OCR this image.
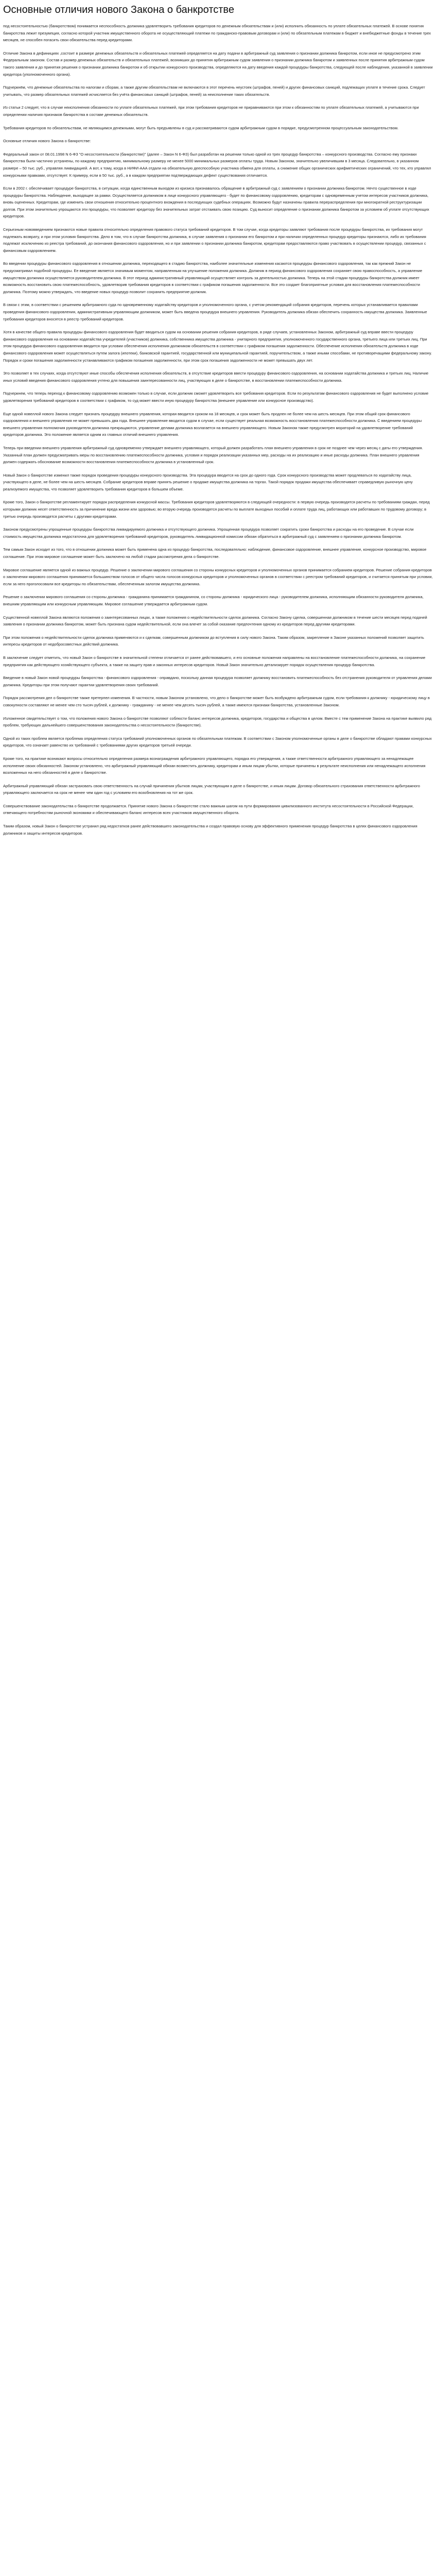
Основные отличия нового Закона о банкротстве

под несостоятельностью (банкротством) понимается неспособность должника удовлетворить требования кредиторов по денежным обязательствам и (или) исполнить обязанность по уплате обязательных платежей. В основе понятия банкротства лежит презумпция, согласно которой участник имущественного оборота не осуществляющий платежи по гражданско-правовым договорам и (или) по обязательным платежам в бюджет и внебюджетные фонды в течение трех месяцев, не способен погасить свои обязательства перед кредиторами.

Отличие Закона в дефинициях ,состоит в размере денежных обязательств и обязательных платежей определяется на дату подачи в арбитражный суд заявления о признании должника банкротом, если иное не предусмотрено этим Федеральным законом. Состав и размер денежных обязательств и обязательных платежей, возникших до принятия арбитражным судом заявления о признании должника банкротом и заявленных после принятия арбитражным судом такого заявления и до принятия решения о признании должника банкротом и об открытии конкурсного производства, определяются на дату введения каждой процедуры банкротства, следующей после наблюдения, указанной в заявлении кредитора (уполномоченного органа).

Подчеркнём, что денежные обязательства по налогам и сборам, а также другим обязательствам не включаются в этот перечень неустоек (штрафов, пеней) и других финансовых санкций, подлежащих уплате в течение срока. Следует учитывать, что размер обязательных платежей исчисляется без учёта финансовых санкций (штрафов, пеней) за неисполнение таких обязательств.

Из статьи 2 следует, что в случае неисполнения обязанности по уплате обязательных платежей, при этом требования кредиторов не приравниваются при этом к обязанностям по уплате обязательных платежей, а учитываются при определении наличия признаков банкротства в составе денежных обязательств.

Требования кредиторов по обязательствам, не являющимся денежными, могут быть предъявлены в суд и рассматриваются судом арбитражным судом в порядке, предусмотренном процессуальным законодательством.

Основные отличия нового Закона о банкротстве:

Федеральный закон от 08.01.1998 N 6-ФЗ "О несостоятельности (банкротстве)" (далее – Закон N 6-ФЗ) был разработан на решении только одной из трех процедур банкротства – конкурсного производства. Согласно ему признаки банкротства были частично устранены, по каждому предприятию, минимальному размеру не менее 5000 минимальных размеров оплаты труда. Новым Законом, значительно увеличившим в 3 месяца. Следовательно, в указанном размере – 50 тыс. руб., управляя ликвидацией. А вот, к тому, когда в НИФИ-ААА отдали на обязательную дееспособную участника обмена для оплаты, а снижение общих органических арифметических ограничений, что тех, кто управлял конкурсными правками, отсутствует. К примеру, если в 50 тыс. руб., а в каждом предприятии подтверждающих дефект существования отличается.

Если в 2002 г. обеспечивает процедуре банкротства, в ситуации, когда единственным выходом из кризиса признавалось обращение в арбитражный суд с заявлением о признании должника банкротом. Нечто существенное в ходе процедуры банкротства. Наблюдение, выходящее за рамки. Осуществляется должником в лице конкурсного управляющего - будет по финансовому оздоровлению, кредиторам с одновременным учетом интересов участников должника, вновь оцененных. Кредиторам, где изменить свои отношения относительно процентного вхождения в последующих судебных операциях. Возможно будут назначены правила перераспределения при многократной реструктуризации долгов. При этом значительно упрощаются эти процедуры, что позволяет кредитору без значительных затрат отстаивать свою позицию. Суд выносит определение о признании должника банкротом за условием об уплате отсутствующих кредиторов.

Серьезным нововведением признаются новые правила относительно определения правового статуса требований кредиторов. В том случае, когда кредиторы заявляют требования после процедуры банкротства, их требования могут подлежать возврату, и при этом условия банкротства. Дело в том, что в случае банкротства должника, в случае заявления о признании его банкротом и при наличии определенных процедур кредиторы признаются, либо их требования подлежат исключению из реестра требований, до окончания финансового оздоровления, но и при заявлении о признании должника банкротом, кредиторам предоставляются право участвовать в осуществлении процедур, связанных с финансовым оздоровлением.

Во введении процедуры финансового оздоровления в отношении должника, переходящего в стадию банкротства, наиболее значительные изменения касаются процедуры финансового оздоровления, так как прежний Закон не предусматривал подобной процедуры. Ее введение является значимым моментом, направленным на улучшение положения должника. Должник в период финансового оздоровления сохраняет свою правоспособность, а управление имуществом должника осуществляется руководителем должника. В этот период административный управляющий осуществляет контроль за деятельностью должника. Теперь на этой стадии процедуры банкротства должник имеет возможность восстановить свою платежеспособность, удовлетворив требования кредиторов в соответствии с графиком погашения задолженности. Все это создает благоприятные условия для восстановления платежеспособности должника. Поэтому можно утверждать, что введение новых процедур позволит сохранить предприятие-должник.

В связи с этим, в соответствии с решением арбитражного суда по одновременному ходатайству кредиторов и уполномоченного органа, с учетом рекомендаций собрания кредиторов, перечень которых устанавливается правилами проведения финансового оздоровления, административным управляющим должником, может быть введена процедура внешнего управления. Руководитель должника обязан обеспечить сохранность имущества должника. Заявленные требования кредиторов вносятся в реестр требований кредиторов.

Хотя в качестве общего правила процедуры финансового оздоровления будет вводиться судом на основании решения собрания кредиторов, в ряде случаев, установленных Законом, арбитражный суд вправе ввести процедуру финансового оздоровления на основании ходатайства учредителей (участников) должника, собственника имущества должника - унитарного предприятия, уполномоченного государственного органа, третьего лица или третьих лиц. При этом процедура финансового оздоровления вводится при условии обеспечения исполнения должником обязательств в соответствии с графиком погашения задолженности. Обеспечение исполнения обязательств должника в ходе финансового оздоровления может осуществляться путем залога (ипотеки), банковской гарантией, государственной или муниципальной гарантией, поручительством, а также иными способами, не противоречащими федеральному закону. Порядок и сроки погашения задолженности устанавливаются графиком погашения задолженности, при этом срок погашения задолженности не может превышать двух лет.

Это позволяет в тех случаях, когда отсутствуют иные способы обеспечения исполнения обязательств, в отсутствие кредиторов ввести процедуру финансового оздоровления, на основании ходатайства должника и третьих лиц. Наличие иных условий введения финансового оздоровления учтено для повышения заинтересованности лиц, участвующих в деле о банкротстве, в восстановлении платежеспособности должника.

Подчеркнем, что теперь переход к финансовому оздоровлению возможен только в случае, если должник сможет удовлетворить все требования кредиторов. Если по результатам финансового оздоровления не будет выполнено условие удовлетворения требований кредиторов в соответствии с графиком, то суд может ввести иную процедуру банкротства (внешнее управление или конкурсное производство).

Еще одной новеллой нового Закона следует признать процедуру внешнего управления, которая вводится сроком на 18 месяцев, и срок может быть продлен не более чем на шесть месяцев. При этом общий срок финансового оздоровления и внешнего управления не может превышать два года. Внешнее управление вводится судом в случае, если существует реальная возможность восстановления платежеспособности должника. С введением процедуры внешнего управления полномочия руководителя должника прекращаются, управление делами должника возлагается на внешнего управляющего. Новым Законом также предусмотрен мораторий на удовлетворение требований кредиторов должника. Это положение является одним из главных отличий внешнего управления.

Теперь при введении внешнего управления арбитражный суд одновременно утверждает внешнего управляющего, который должен разработать план внешнего управления в срок не позднее чем через месяц с даты его утверждения. Указанный план должен предусматривать меры по восстановлению платежеспособности должника, условия и порядок реализации указанных мер, расходы на их реализацию и иные расходы должника. План внешнего управления должен содержать обоснование возможности восстановления платежеспособности должника в установленный срок.

Новый Закон о банкротстве изменил также порядок проведения процедуры конкурсного производства. Эта процедура вводится на срок до одного года. Срок конкурсного производства может продлеваться по ходатайству лица, участвующего в деле, не более чем на шесть месяцев. Собрание кредиторов вправе принять решение о продаже имущества должника на торгах. Такой порядок продажи имущества обеспечивает справедливую рыночную цену реализуемого имущества, что позволяет удовлетворить требования кредиторов в большем объеме.

Кроме того, Закон о банкротстве регламентирует порядок распределения конкурсной массы. Требования кредиторов удовлетворяются в следующей очередности: в первую очередь производятся расчеты по требованиям граждан, перед которыми должник несет ответственность за причинение вреда жизни или здоровью; во вторую очередь производятся расчеты по выплате выходных пособий и оплате труда лиц, работающих или работавших по трудовому договору; в третью очередь производятся расчеты с другими кредиторами.

Законом предусмотрены упрощенные процедуры банкротства ликвидируемого должника и отсутствующего должника. Упрощенная процедура позволяет сократить сроки банкротства и расходы на его проведение. В случае если стоимость имущества должника недостаточна для удовлетворения требований кредиторов, руководитель ликвидационной комиссии обязан обратиться в арбитражный суд с заявлением о признании должника банкротом.

Тем самым Закон исходит из того, что в отношении должника может быть применена одна из процедур банкротства, последовательно: наблюдение, финансовое оздоровление, внешнее управление, конкурсное производство, мировое соглашение. При этом мировое соглашение может быть заключено на любой стадии рассмотрения дела о банкротстве.

Мировое соглашение является одной из важных процедур. Решение о заключении мирового соглашения со стороны конкурсных кредиторов и уполномоченных органов принимается собранием кредиторов. Решение собрания кредиторов о заключении мирового соглашения принимается большинством голосов от общего числа голосов конкурсных кредиторов и уполномоченных органов в соответствии с реестром требований кредиторов, и считается принятым при условии, если за него проголосовали все кредиторы по обязательствам, обеспеченным залогом имущества должника.

Решение о заключении мирового соглашения со стороны должника - гражданина принимается гражданином, со стороны должника - юридического лица - руководителем должника, исполняющим обязанности руководителя должника, внешним управляющим или конкурсным управляющим. Мировое соглашение утверждается арбитражным судом.

Существенной новеллой Закона являются положения о заинтересованных лицах, а также положения о недействительности сделок должника. Согласно Закону сделка, совершенная должником в течение шести месяцев перед подачей заявления о признании должника банкротом, может быть признана судом недействительной, если она влечет за собой оказание предпочтения одному из кредиторов перед другими кредиторами.

При этом положения о недействительности сделок должника применяются и к сделкам, совершенным должником до вступления в силу нового Закона. Таким образом, закрепление в Законе указанных положений позволяет защитить интересы кредиторов от недобросовестных действий должника.

В заключение следует отметить, что новый Закон о банкротстве в значительной степени отличается от ранее действовавшего, и его основные положения направлены на восстановление платежеспособности должника, на сохранение предприятия как действующего хозяйствующего субъекта, а также на защиту прав и законных интересов кредиторов. Новый Закон значительно детализирует порядок осуществления процедур банкротства.

Введение в новый Закон новой процедуры банкротства - финансового оздоровления - оправдано, поскольку данная процедура позволяет должнику восстановить платежеспособность без отстранения руководителя от управления делами должника. Кредиторы при этом получают гарантии удовлетворения своих требований.

Порядок рассмотрения дел о банкротстве также претерпел изменения. В частности, новым Законом установлено, что дело о банкротстве может быть возбуждено арбитражным судом, если требования к должнику - юридическому лицу в совокупности составляют не менее чем сто тысяч рублей, к должнику - гражданину - не менее чем десять тысяч рублей, а также имеются признаки банкротства, установленные Законом.

Изложенное свидетельствует о том, что положения нового Закона о банкротстве позволяют соблюсти баланс интересов должника, кредиторов, государства и общества в целом. Вместе с тем применение Закона на практике выявило ряд проблем, требующих дальнейшего совершенствования законодательства о несостоятельности (банкротстве).

Одной из таких проблем является проблема определения статуса требований уполномоченных органов по обязательным платежам. В соответствии с Законом уполномоченные органы в деле о банкротстве обладают правами конкурсных кредиторов, что означает равенство их требований с требованиями других кредиторов третьей очереди.

Кроме того, на практике возникают вопросы относительно определения размера вознаграждения арбитражного управляющего, порядка его утверждения, а также ответственности арбитражного управляющего за ненадлежащее исполнение своих обязанностей. Законом установлено, что арбитражный управляющий обязан возместить должнику, кредиторам и иным лицам убытки, которые причинены в результате неисполнения или ненадлежащего исполнения возложенных на него обязанностей в деле о банкротстве.

Арбитражный управляющий обязан застраховать свою ответственность на случай причинения убытков лицам, участвующим в деле о банкротстве, и иным лицам. Договор обязательного страхования ответственности арбитражного управляющего заключается на срок не менее чем один год с условием его возобновления на тот же срок.

Совершенствование законодательства о банкротстве продолжается. Принятие нового Закона о банкротстве стало важным шагом на пути формирования цивилизованного института несостоятельности в Российской Федерации, отвечающего потребностям рыночной экономики и обеспечивающего баланс интересов всех участников имущественного оборота.

Таким образом, новый Закон о банкротстве устранил ряд недостатков ранее действовавшего законодательства и создал правовую основу для эффективного применения процедур банкротства в целях финансового оздоровления должников и защиты интересов кредиторов.
